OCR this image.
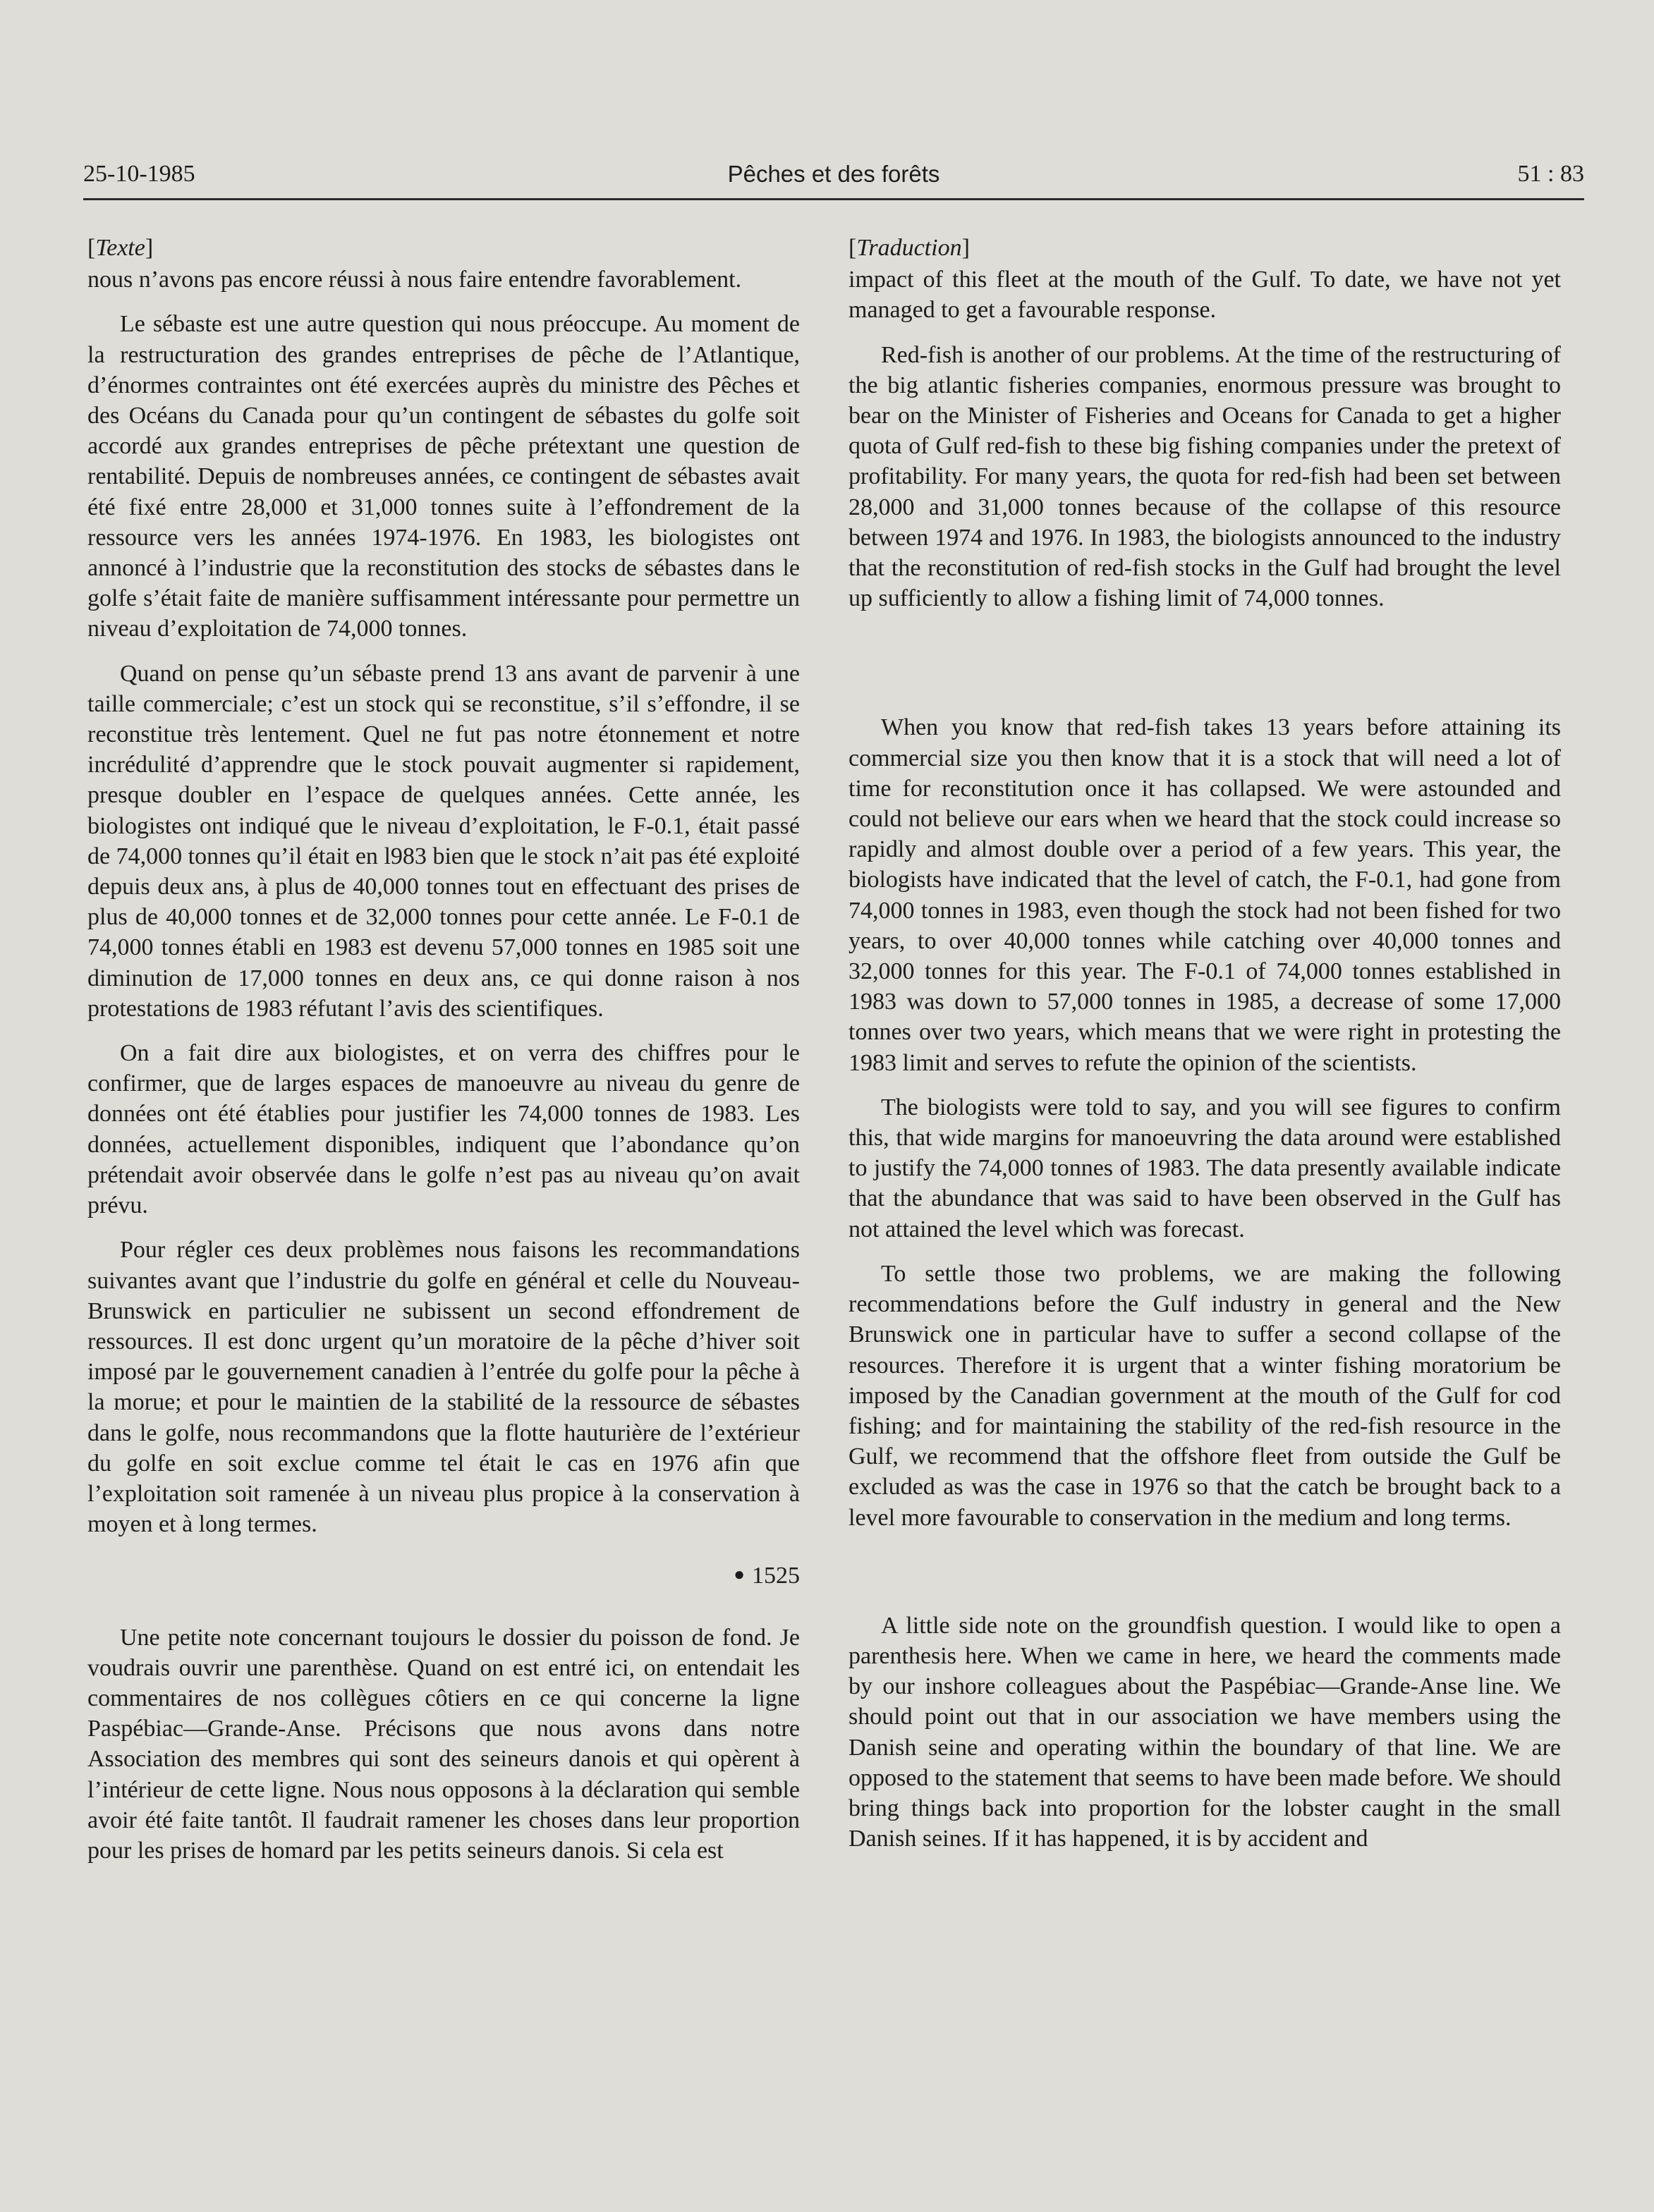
25-10-1985	Pêches et des forêts	51 : 83
[Texte]

nous n’avons pas encore réussi à nous faire entendre favorablement.

Le sébaste est une autre question qui nous préoccupe. Au moment de la restructuration des grandes entreprises de pêche de l’Atlantique, d’énormes contraintes ont été exercées auprès du ministre des Pêches et des Océans du Canada pour qu’un contingent de sébastes du golfe soit accordé aux grandes entreprises de pêche prétextant une question de rentabilité. Depuis de nombreuses années, ce contingent de sébastes avait été fixé entre 28,000 et 31,000 tonnes suite à l’effondrement de la ressource vers les années 1974-1976. En 1983, les biologistes ont annoncé à l’industrie que la reconstitution des stocks de sébastes dans le golfe s’était faite de manière suffisamment intéressante pour permettre un niveau d’exploitation de 74,000 tonnes.

Quand on pense qu’un sébaste prend 13 ans avant de parvenir à une taille commerciale; c’est un stock qui se reconstitue, s’il s’effondre, il se reconstitue très lentement. Quel ne fut pas notre étonnement et notre incrédulité d’apprendre que le stock pouvait augmenter si rapidement, presque doubler en l’espace de quelques années. Cette année, les biologistes ont indiqué que le niveau d’exploitation, le F-0.1, était passé de 74,000 tonnes qu’il était en l983 bien que le stock n’ait pas été exploité depuis deux ans, à plus de 40,000 tonnes tout en effectuant des prises de plus de 40,000 tonnes et de 32,000 tonnes pour cette année. Le F-0.1 de 74,000 tonnes établi en 1983 est devenu 57,000 tonnes en 1985 soit une diminution de 17,000 tonnes en deux ans, ce qui donne raison à nos protestations de 1983 réfutant l’avis des scientifiques.

On a fait dire aux biologistes, et on verra des chiffres pour le confirmer, que de larges espaces de manoeuvre au niveau du genre de données ont été établies pour justifier les 74,000 tonnes de 1983. Les données, actuellement disponibles, indiquent que l’abondance qu’on prétendait avoir observée dans le golfe n’est pas au niveau qu’on avait prévu.

Pour régler ces deux problèmes nous faisons les recommandations suivantes avant que l’industrie du golfe en général et celle du Nouveau-Brunswick en particulier ne subissent un second effondrement de ressources. Il est donc urgent qu’un moratoire de la pêche d’hiver soit imposé par le gouvernement canadien à l’entrée du golfe pour la pêche à la morue; et pour le maintien de la stabilité de la ressource de sébastes dans le golfe, nous recommandons que la flotte hauturière de l’extérieur du golfe en soit exclue comme tel était le cas en 1976 afin que l’exploitation soit ramenée à un niveau plus propice à la conservation à moyen et à long termes.

● 1525

Une petite note concernant toujours le dossier du poisson de fond. Je voudrais ouvrir une parenthèse. Quand on est entré ici, on entendait les commentaires de nos collègues côtiers en ce qui concerne la ligne Paspébiac—Grande-Anse. Précisons que nous avons dans notre Association des membres qui sont des seineurs danois et qui opèrent à l’intérieur de cette ligne. Nous nous opposons à la déclaration qui semble avoir été faite tantôt. Il faudrait ramener les choses dans leur proportion pour les prises de homard par les petits seineurs danois. Si cela est

[Traduction]

impact of this fleet at the mouth of the Gulf. To date, we have not yet managed to get a favourable response.

Red-fish is another of our problems. At the time of the restructuring of the big atlantic fisheries companies, enormous pressure was brought to bear on the Minister of Fisheries and Oceans for Canada to get a higher quota of Gulf red-fish to these big fishing companies under the pretext of profitability. For many years, the quota for red-fish had been set between 28,000 and 31,000 tonnes because of the collapse of this resource between 1974 and 1976. In 1983, the biologists announced to the industry that the reconstitution of red-fish stocks in the Gulf had brought the level up sufficiently to allow a fishing limit of 74,000 tonnes.

When you know that red-fish takes 13 years before attaining its commercial size you then know that it is a stock that will need a lot of time for reconstitution once it has collapsed. We were astounded and could not believe our ears when we heard that the stock could increase so rapidly and almost double over a period of a few years. This year, the biologists have indicated that the level of catch, the F-0.1, had gone from 74,000 tonnes in 1983, even though the stock had not been fished for two years, to over 40,000 tonnes while catching over 40,000 tonnes and 32,000 tonnes for this year. The F-0.1 of 74,000 tonnes established in 1983 was down to 57,000 tonnes in 1985, a decrease of some 17,000 tonnes over two years, which means that we were right in protesting the 1983 limit and serves to refute the opinion of the scientists.

The biologists were told to say, and you will see figures to confirm this, that wide margins for manoeuvring the data around were established to justify the 74,000 tonnes of 1983. The data presently available indicate that the abundance that was said to have been observed in the Gulf has not attained the level which was forecast.

To settle those two problems, we are making the following recommendations before the Gulf industry in general and the New Brunswick one in particular have to suffer a second collapse of the resources. Therefore it is urgent that a winter fishing moratorium be imposed by the Canadian government at the mouth of the Gulf for cod fishing; and for maintaining the stability of the red-fish resource in the Gulf, we recommend that the offshore fleet from outside the Gulf be excluded as was the case in 1976 so that the catch be brought back to a level more favourable to conservation in the medium and long terms.

A little side note on the groundfish question. I would like to open a parenthesis here. When we came in here, we heard the comments made by our inshore colleagues about the Paspébiac—Grande-Anse line. We should point out that in our association we have members using the Danish seine and operating within the boundary of that line. We are opposed to the statement that seems to have been made before. We should bring things back into proportion for the lobster caught in the small Danish seines. If it has happened, it is by accident and
